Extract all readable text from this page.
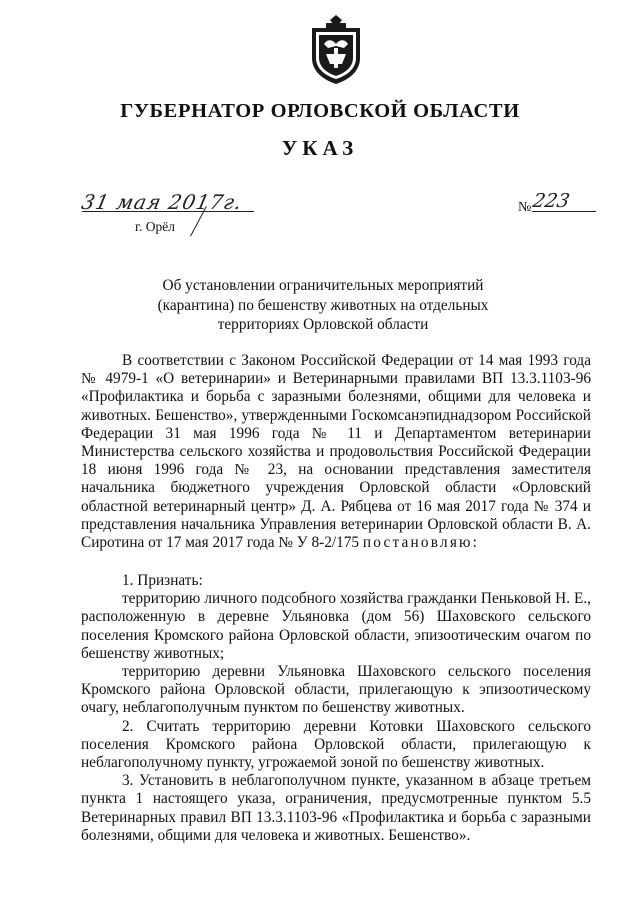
ГУБЕРНАТОР ОРЛОВСКОЙ ОБЛАСТИ
УКАЗ
31 мая 2017г.
г. Орёл
№ 223
Об установлении ограничительных мероприятий
(карантина) по бешенству животных на отдельных
территориях Орловской области

В соответствии с Законом Российской Федерации от 14 мая 1993 года № 4979-1 «О ветеринарии» и Ветеринарными правилами ВП 13.3.1103-96 «Профилактика и борьба с заразными болезнями, общими для человека и животных. Бешенство», утвержденными Госкомсанэпиднадзором Российской Федерации 31 мая 1996 года № 11 и Департаментом ветеринарии Министерства сельского хозяйства и продовольствия Российской Федерации 18 июня 1996 года № 23, на основании представления заместителя начальника бюджетного учреждения Орловской области «Орловский областной ветеринарный центр» Д. А. Рябцева от 16 мая 2017 года № 374 и представления начальника Управления ветеринарии Орловской области В. А. Сиротина от 17 мая 2017 года № У 8-2/175 постановляю:

1. Признать:

территорию личного подсобного хозяйства гражданки Пеньковой Н. Е., расположенную в деревне Ульяновка (дом 56) Шаховского сельского поселения Кромского района Орловской области, эпизоотическим очагом по бешенству животных;

территорию деревни Ульяновка Шаховского сельского поселения Кромского района Орловской области, прилегающую к эпизоотическому очагу, неблагополучным пунктом по бешенству животных.

2. Считать территорию деревни Котовки Шаховского сельского поселения Кромского района Орловской области, прилегающую к неблагополучному пункту, угрожаемой зоной по бешенству животных.

3. Установить в неблагополучном пункте, указанном в абзаце третьем пункта 1 настоящего указа, ограничения, предусмотренные пунктом 5.5 Ветеринарных правил ВП 13.3.1103-96 «Профилактика и борьба с заразными болезнями, общими для человека и животных. Бешенство».
